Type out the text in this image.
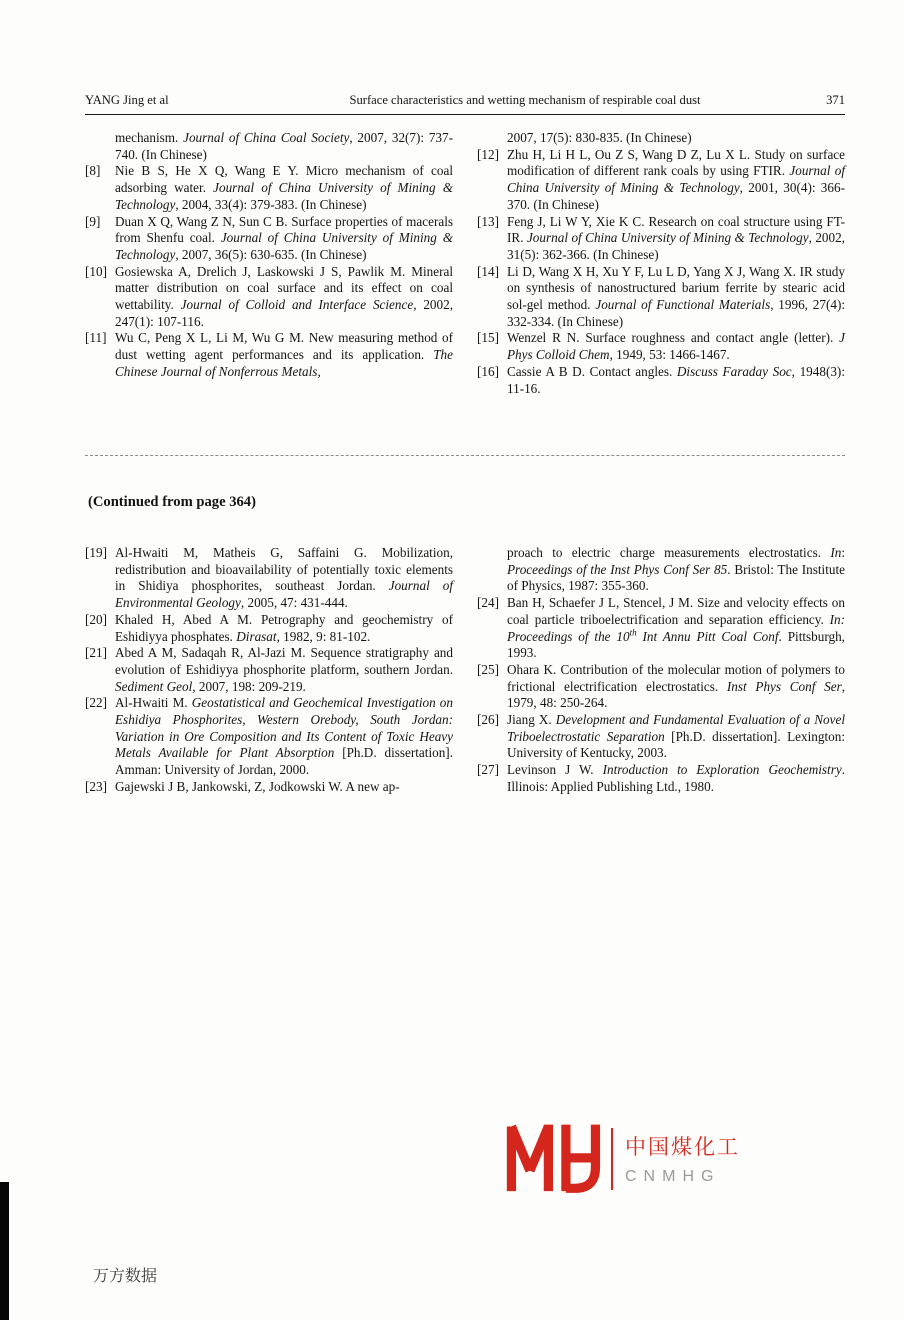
YANG Jing et al	Surface characteristics and wetting mechanism of respirable coal dust	371
mechanism. Journal of China Coal Society, 2007, 32(7): 737-740. (In Chinese)
[8] Nie B S, He X Q, Wang E Y. Micro mechanism of coal adsorbing water. Journal of China University of Mining & Technology, 2004, 33(4): 379-383. (In Chinese)
[9] Duan X Q, Wang Z N, Sun C B. Surface properties of macerals from Shenfu coal. Journal of China University of Mining & Technology, 2007, 36(5): 630-635. (In Chinese)
[10] Gosiewska A, Drelich J, Laskowski J S, Pawlik M. Mineral matter distribution on coal surface and its effect on coal wettability. Journal of Colloid and Interface Science, 2002, 247(1): 107-116.
[11] Wu C, Peng X L, Li M, Wu G M. New measuring method of dust wetting agent performances and its application. The Chinese Journal of Nonferrous Metals,
2007, 17(5): 830-835. (In Chinese)
[12] Zhu H, Li H L, Ou Z S, Wang D Z, Lu X L. Study on surface modification of different rank coals by using FTIR. Journal of China University of Mining & Technology, 2001, 30(4): 366-370. (In Chinese)
[13] Feng J, Li W Y, Xie K C. Research on coal structure using FT-IR. Journal of China University of Mining & Technology, 2002, 31(5): 362-366. (In Chinese)
[14] Li D, Wang X H, Xu Y F, Lu L D, Yang X J, Wang X. IR study on synthesis of nanostructured barium ferrite by stearic acid sol-gel method. Journal of Functional Materials, 1996, 27(4): 332-334. (In Chinese)
[15] Wenzel R N. Surface roughness and contact angle (letter). J Phys Colloid Chem, 1949, 53: 1466-1467.
[16] Cassie A B D. Contact angles. Discuss Faraday Soc, 1948(3): 11-16.
(Continued from page 364)
[19] Al-Hwaiti M, Matheis G, Saffaini G. Mobilization, redistribution and bioavailability of potentially toxic elements in Shidiya phosphorites, southeast Jordan. Journal of Environmental Geology, 2005, 47: 431-444.
[20] Khaled H, Abed A M. Petrography and geochemistry of Eshidiyya phosphates. Dirasat, 1982, 9: 81-102.
[21] Abed A M, Sadaqah R, Al-Jazi M. Sequence stratigraphy and evolution of Eshidiyya phosphorite platform, southern Jordan. Sediment Geol, 2007, 198: 209-219.
[22] Al-Hwaiti M. Geostatistical and Geochemical Investigation on Eshidiya Phosphorites, Western Orebody, South Jordan: Variation in Ore Composition and Its Content of Toxic Heavy Metals Available for Plant Absorption [Ph.D. dissertation]. Amman: University of Jordan, 2000.
[23] Gajewski J B, Jankowski, Z, Jodkowski W. A new ap-
proach to electric charge measurements electrostatics. In: Proceedings of the Inst Phys Conf Ser 85. Bristol: The Institute of Physics, 1987: 355-360.
[24] Ban H, Schaefer J L, Stencel, J M. Size and velocity effects on coal particle triboelectrification and separation efficiency. In: Proceedings of the 10th Int Annu Pitt Coal Conf. Pittsburgh, 1993.
[25] Ohara K. Contribution of the molecular motion of polymers to frictional electrification electrostatics. Inst Phys Conf Ser, 1979, 48: 250-264.
[26] Jiang X. Development and Fundamental Evaluation of a Novel Triboelectrostatic Separation [Ph.D. dissertation]. Lexington: University of Kentucky, 2003.
[27] Levinson J W. Introduction to Exploration Geochemistry. Illinois: Applied Publishing Ltd., 1980.
中国煤化工
CNMHG
万方数据
